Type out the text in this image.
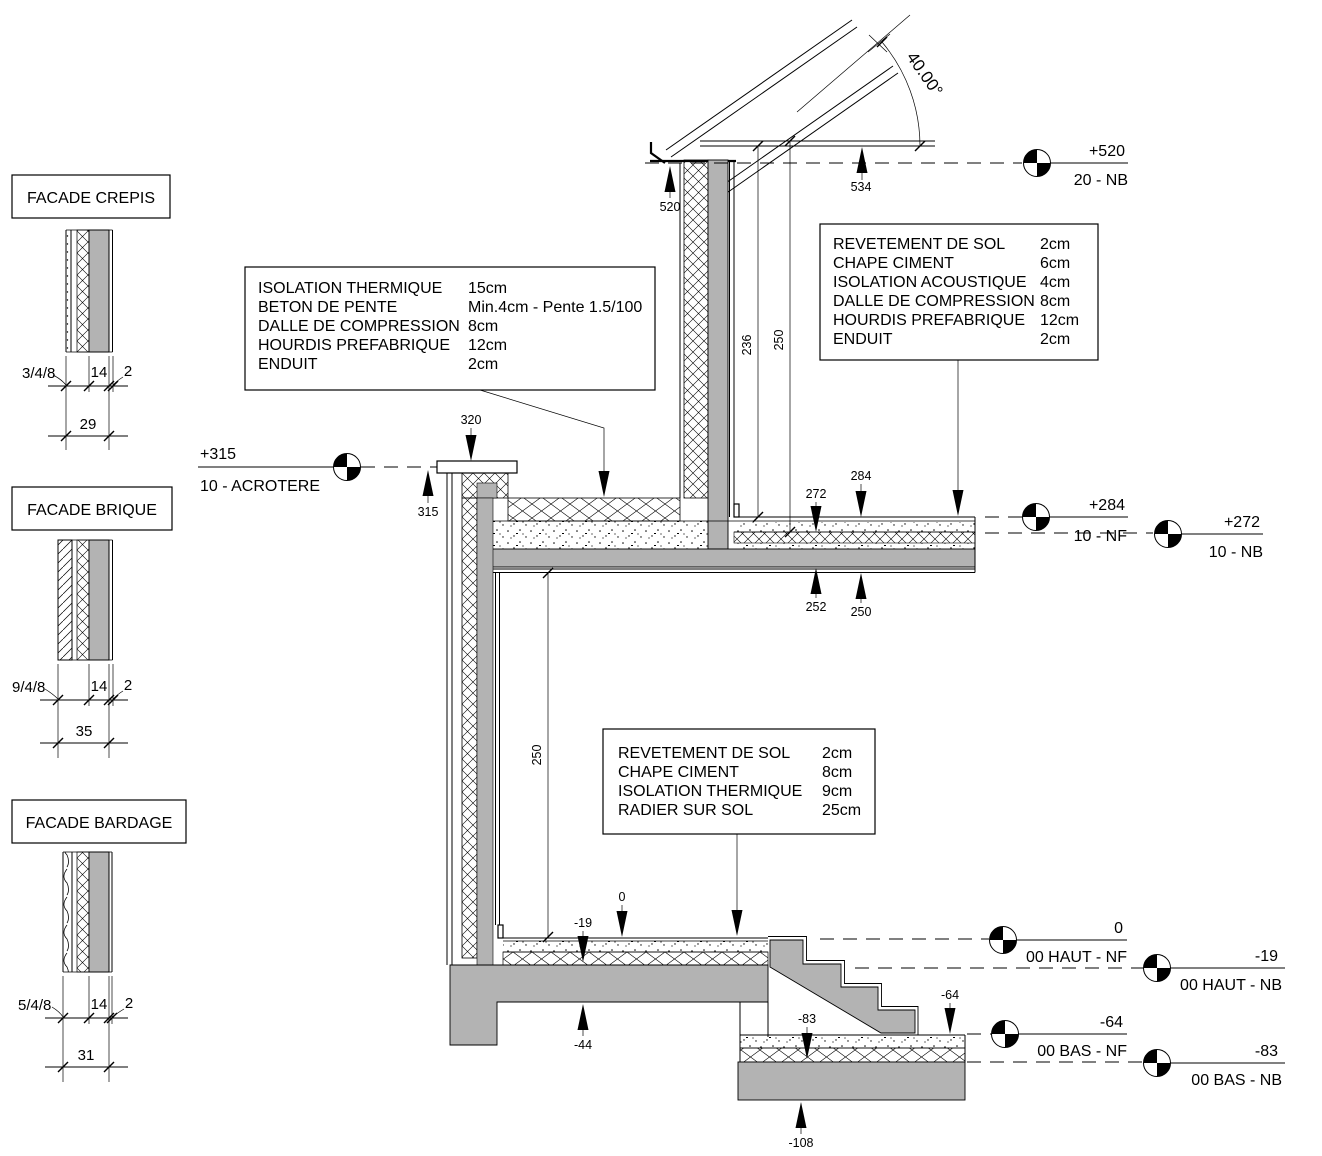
FACADE CREPIS
3/4/8 14 2
29
FACADE BRIQUE
9/4/8	14 2
35
FACADE BARDAGE
5/4/8	14 2
31
40.00°
ISOLATION THERMIQUE 15cm
BETON DE PENTE	Min.4cm - Pente 1.5/100
DALLE DE COMPRESSION 8cm
HOURDIS PREFABRIQUE 12cm
ENDUIT	2cm
REVETEMENT DE SOL 2cm
CHAPE CIMENT	6cm
ISOLATION ACOUSTIQUE 4cm
DALLE DE COMPRESSION 8cm
HOURDIS PREFABRIQUE 12cm
ENDUIT	2cm
REVETEMENT DE SOL 2cm
CHAPE CIMENT	8cm
ISOLATION THERMIQUE 9cm
RADIER SUR SOL	25cm
236 250
250
534
520
320
315
284
272
252 250
0
-19
-44
-64
-83
-108
+520
20 - NB
+315
10 - ACROTERE
+284
10 - NF
+272
10 - NB
0
00 HAUT - NF	-19
00 HAUT - NB
-64
00 BAS - NF	-83
00 BAS - NB
